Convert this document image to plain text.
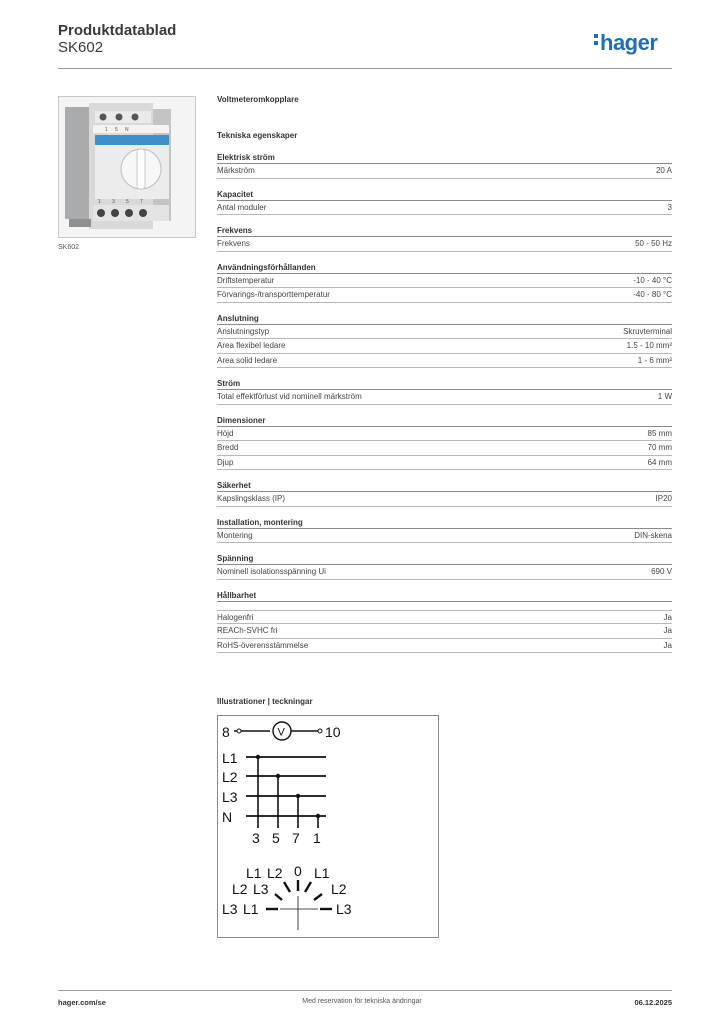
Produktdatablad
SK602	hager
1 5 N
1 3 5 7
SK602
Voltmeteromkopplare
Tekniska egenskaper
Elektrisk ström
Märkström	20 A
Kapacitet
Antal moduler	3
Frekvens
Frekvens	50 - 50 Hz
Användningsförhållanden
Driftstemperatur	-10 - 40 °C
Förvarings-/transporttemperatur	-40 - 80 °C
Anslutning
Anslutningstyp	Skruvterminal
Area flexibel ledare	1.5 - 10 mm²
Area solid ledare	1 - 6 mm²
Ström
Total effektförlust vid nominell märkström	1 W
Dimensioner
Höjd	85 mm
Bredd	70 mm
Djup	64 mm
Säkerhet
Kapslingsklass (IP)	IP20
Installation, montering
Montering	DIN-skena
Spänning
Nominell isolationsspänning Ui	690 V
Hållbarhet
Halogenfri	Ja
REACh-SVHC fri	Ja
RoHS-överensstämmelse	Ja
Illustrationer | teckningar
8	V	10
L1
L2
L3
N
3 5 7 1
0
L1 L2
L2 L3
L3 L1
L1
L2
L3
hager.com/se	Med reservation för tekniska ändringar	06.12.2025
